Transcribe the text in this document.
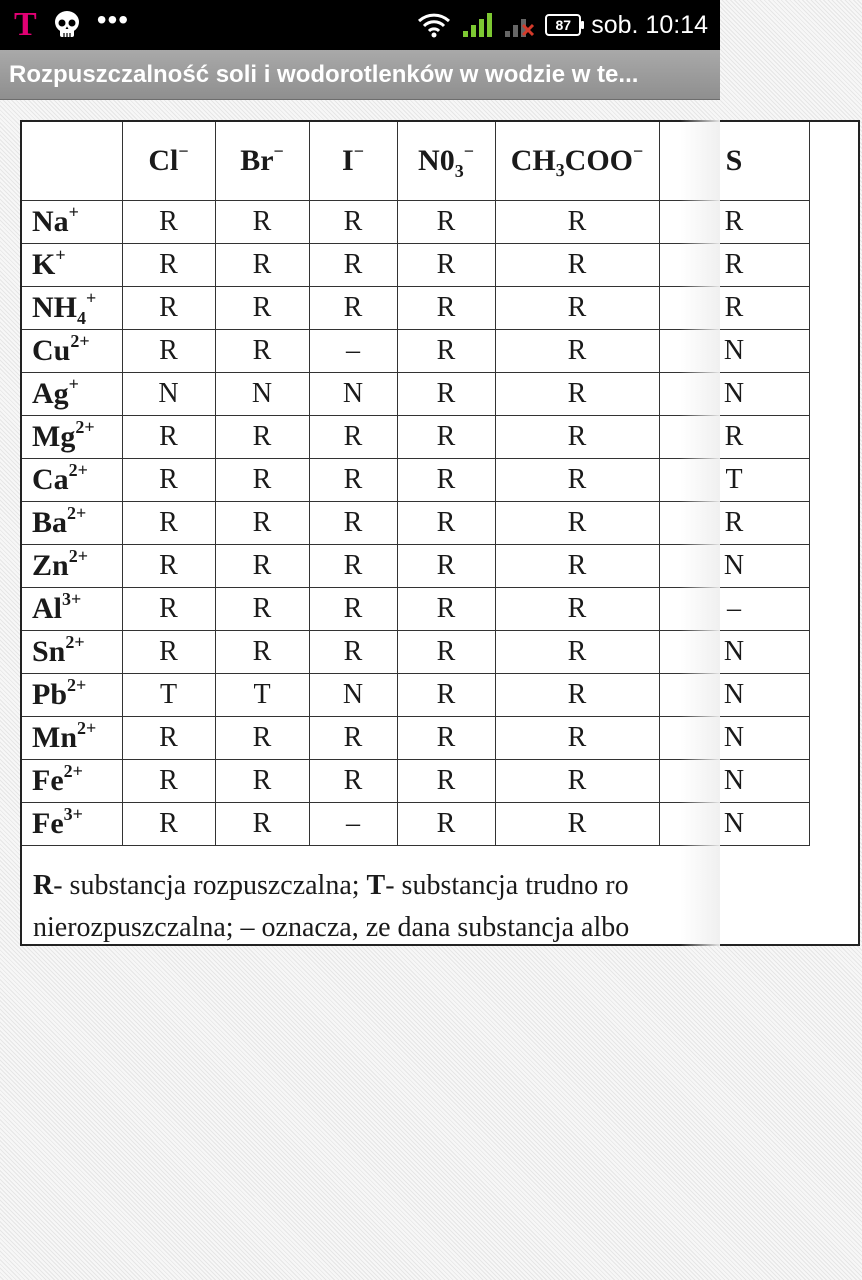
T •••	87 sob. 10:14
Rozpuszczalność soli i wodorotlenków w wodzie w te...
	Cl−	Br−	I−	$N0_3^-$	CH₃COO−	S
Na+	R	R	R	R	R	R
K+	R	R	R	R	R	R
$NH_4^+$	R	R	R	R	R	R
$Cu^{2+}$	R	R	–	R	R	N
Ag+	N	N	N	R	R	N
$Mg^{2+}$	R	R	R	R	R	R
$Ca^{2+}$	R	R	R	R	R	T
$Ba^{2+}$	R	R	R	R	R	R
$Zn^{2+}$	R	R	R	R	R	N
$Al^{3+}$	R	R	R	R	R	–
$Sn^{2+}$	R	R	R	R	R	N
$Pb^{2+}$	T	T	N	R	R	N
$Mn^{2+}$	R	R	R	R	R	N
$Fe^{2+}$	R	R	R	R	R	N
$Fe^{3+}$	R	R	–	R	R	N
R- substancja rozpuszczalna; T- substancja trudno ro
nierozpuszczalna; – oznacza, ze dana substancja albo
